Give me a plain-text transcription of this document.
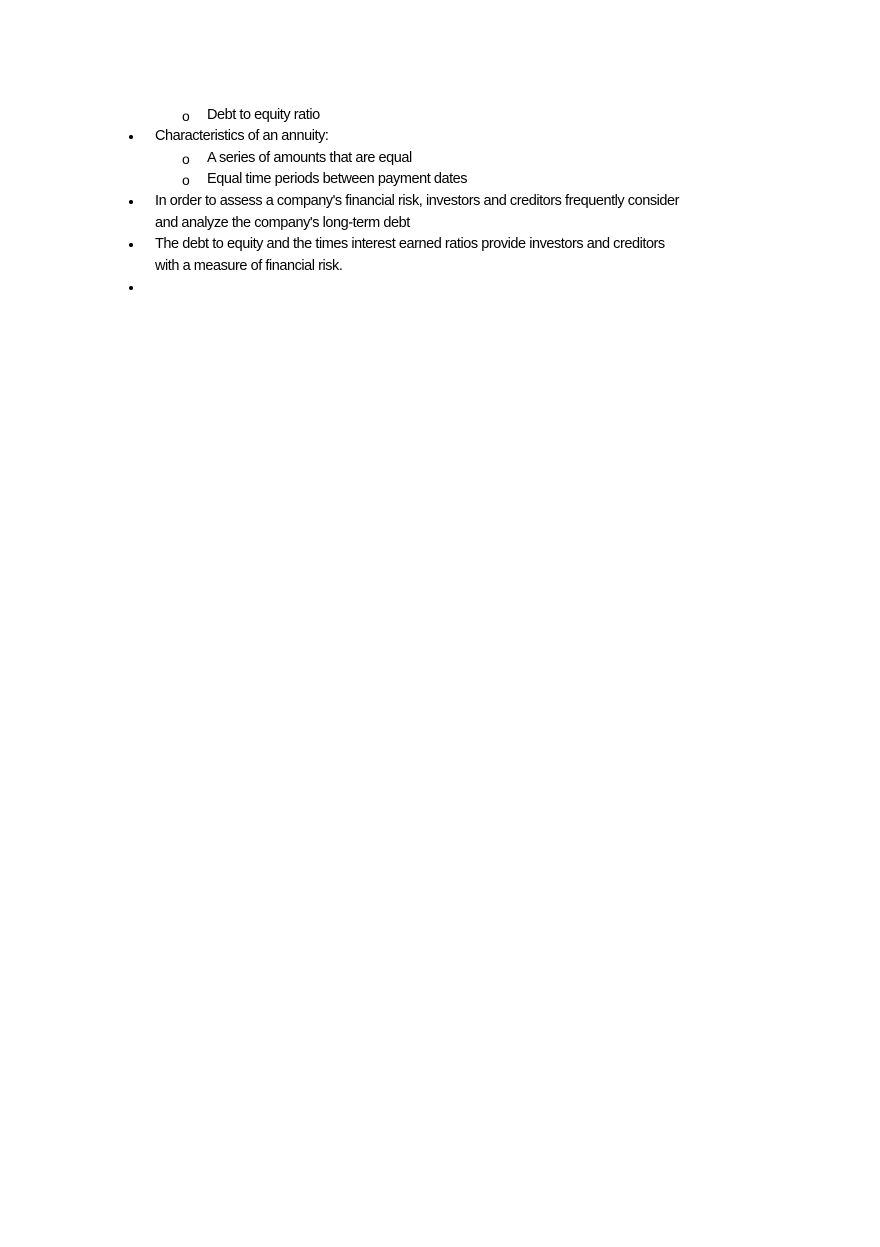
o Debt to equity ratio
Characteristics of an annuity:
o A series of amounts that are equal
o Equal time periods between payment dates
In order to assess a company's financial risk, investors and creditors frequently consider
and analyze the company's long-term debt
The debt to equity and the times interest earned ratios provide investors and creditors
with a measure of financial risk.
